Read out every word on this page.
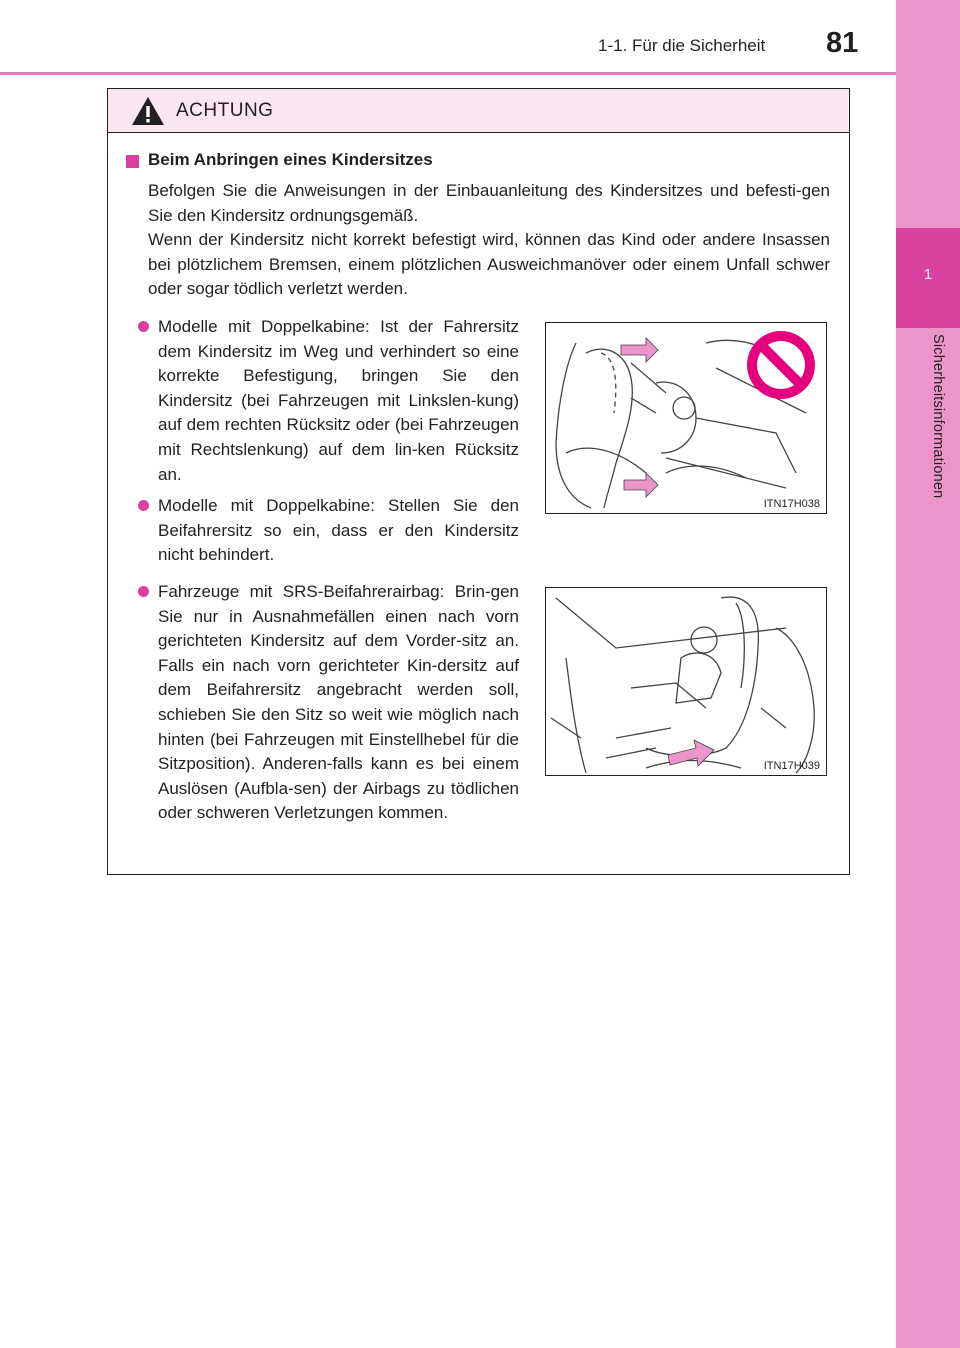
1-1. Für die Sicherheit 81
1
Sicherheitsinformationen
ACHTUNG
Beim Anbringen eines Kindersitzes
Befolgen Sie die Anweisungen in der Einbauanleitung des Kindersitzes und befesti-gen Sie den Kindersitz ordnungsgemäß.
Wenn der Kindersitz nicht korrekt befestigt wird, können das Kind oder andere Insassen bei plötzlichem Bremsen, einem plötzlichen Ausweichmanöver oder einem Unfall schwer oder sogar tödlich verletzt werden.
Modelle mit Doppelkabine: Ist der Fahrersitz dem Kindersitz im Weg und verhindert so eine korrekte Befestigung, bringen Sie den Kindersitz (bei Fahrzeugen mit Linkslen-kung) auf dem rechten Rücksitz oder (bei Fahrzeugen mit Rechtslenkung) auf dem lin-ken Rücksitz an.
Modelle mit Doppelkabine: Stellen Sie den Beifahrersitz so ein, dass er den Kindersitz nicht behindert.
Fahrzeuge mit SRS-Beifahrerairbag: Brin-gen Sie nur in Ausnahmefällen einen nach vorn gerichteten Kindersitz auf dem Vorder-sitz an. Falls ein nach vorn gerichteter Kin-dersitz auf dem Beifahrersitz angebracht werden soll, schieben Sie den Sitz so weit wie möglich nach hinten (bei Fahrzeugen mit Einstellhebel für die Sitzposition). Anderen-falls kann es bei einem Auslösen (Aufbla-sen) der Airbags zu tödlichen oder schweren Verletzungen kommen.
ITN17H038
ITN17H039
